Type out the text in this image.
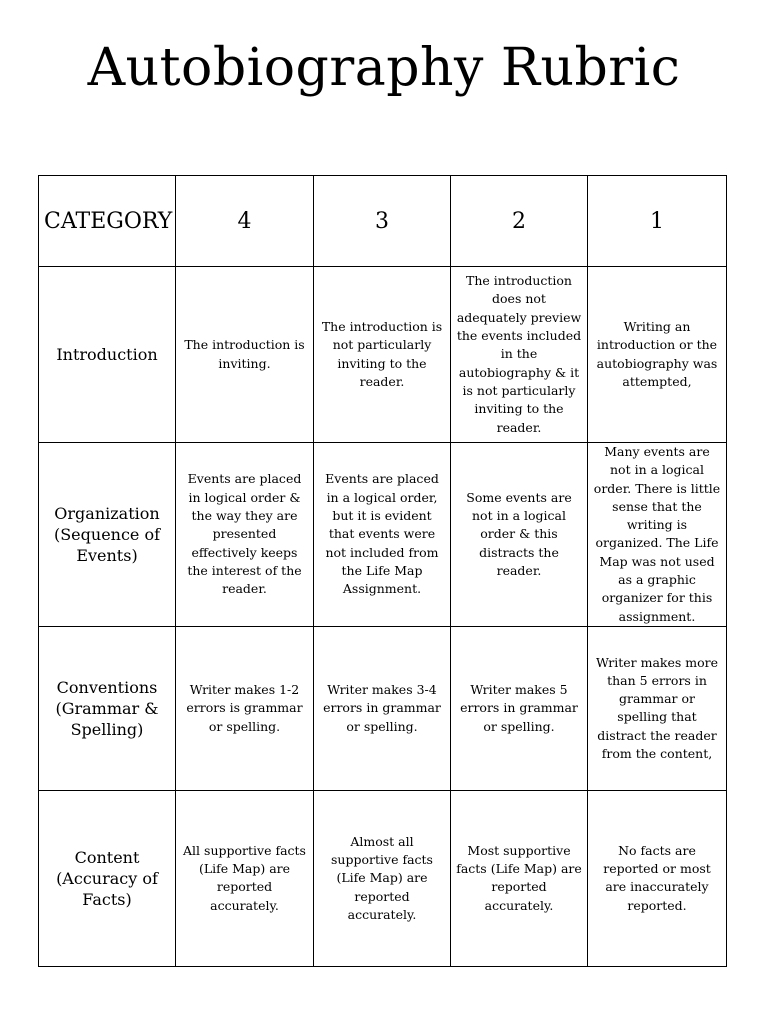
Autobiography Rubric
CATEGORY	4	3	2	1
Introduction	The introduction is inviting.	The introduction is not particularly inviting to the reader.	The introduction does not adequately preview the events included in the autobiography & it is not particularly inviting to the reader.	Writing an introduction or the autobiography was attempted,
Organization (Sequence of Events)	Events are placed in logical order & the way they are presented effectively keeps the interest of the reader.	Events are placed in a logical order, but it is evident that events were not included from the Life Map Assignment.	Some events are not in a logical order & this distracts the reader.	Many events are not in a logical order. There is little sense that the writing is organized. The Life Map was not used as a graphic organizer for this assignment.
Conventions (Grammar & Spelling)	Writer makes 1-2 errors is grammar or spelling.	Writer makes 3-4 errors in grammar or spelling.	Writer makes 5 errors in grammar or spelling.	Writer makes more than 5 errors in grammar or spelling that distract the reader from the content,
Content (Accuracy of Facts)	All supportive facts (Life Map) are reported accurately.	Almost all supportive facts (Life Map) are reported accurately.	Most supportive facts (Life Map) are reported accurately.	No facts are reported or most are inaccurately reported.
